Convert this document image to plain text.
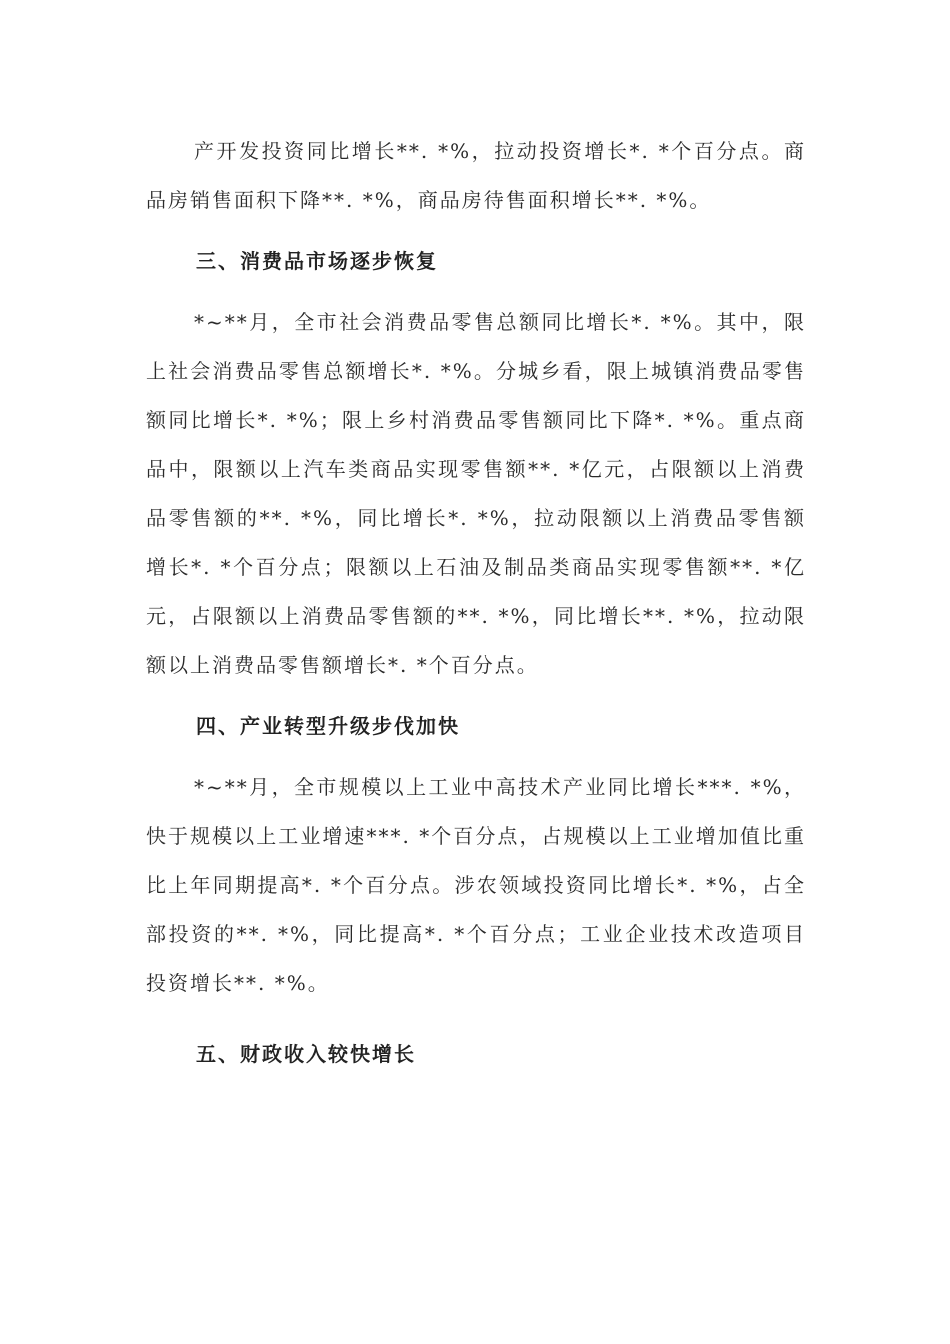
产开发投资同比增长**. *%，拉动投资增长*. *个百分点。商品房销售面积下降**. *%，商品房待售面积增长**. *%。

三、消费品市场逐步恢复

*~**月，全市社会消费品零售总额同比增长*. *%。其中，限上社会消费品零售总额增长*. *%。分城乡看，限上城镇消费品零售额同比增长*. *%；限上乡村消费品零售额同比下降*. *%。重点商品中，限额以上汽车类商品实现零售额**. *亿元，占限额以上消费品零售额的**. *%，同比增长*. *%，拉动限额以上消费品零售额增长*. *个百分点；限额以上石油及制品类商品实现零售额**. *亿元，占限额以上消费品零售额的**. *%，同比增长**. *%，拉动限额以上消费品零售额增长*. *个百分点。

四、产业转型升级步伐加快

*~**月，全市规模以上工业中高技术产业同比增长***. *%，快于规模以上工业增速***. *个百分点，占规模以上工业增加值比重比上年同期提高*. *个百分点。涉农领域投资同比增长*. *%，占全部投资的**. *%，同比提高*. *个百分点；工业企业技术改造项目投资增长**. *%。

五、财政收入较快增长
